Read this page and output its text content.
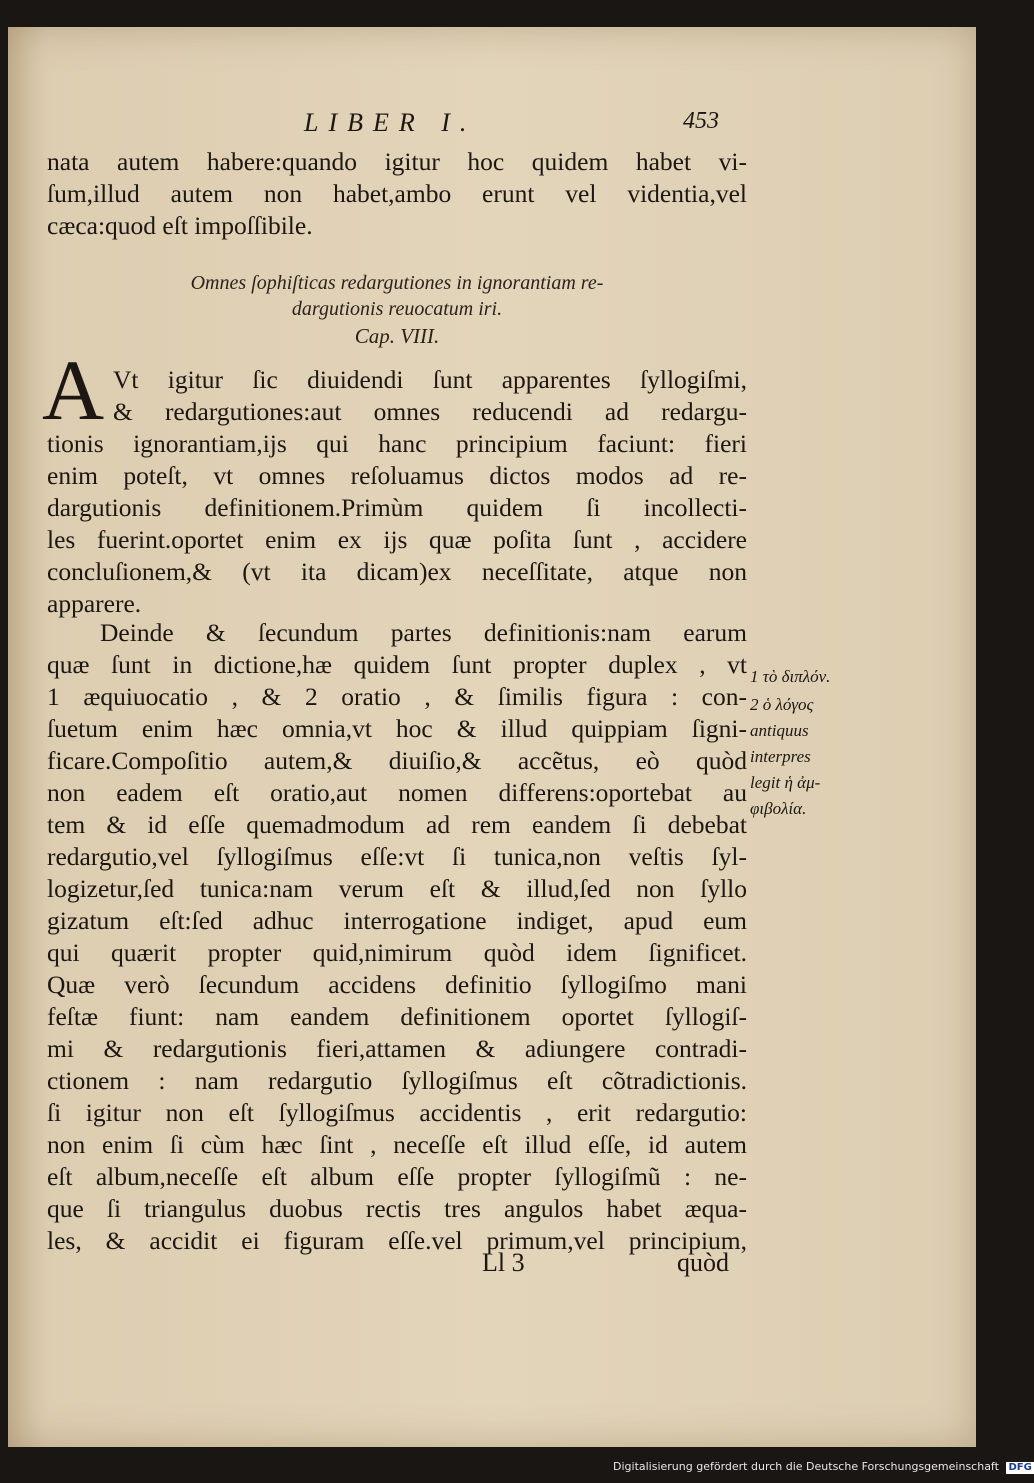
LIBER I.	453
nata autem habere:quando igitur hoc quidem habet vi-
ſum,illud autem non habet,ambo erunt vel videntia,vel
cæca:quod eſt impoſſibile.
Omnes ſophiſticas redargutiones in ignorantiam re-
dargutionis reuocatum iri.
Cap. VIII.
A Vt igitur ſic diuidendi ſunt apparentes ſyllogiſmi,
& redargutiones:aut omnes reducendi ad redargu-
tionis ignorantiam,ijs qui hanc principium faciunt: fieri
enim poteſt, vt omnes reſoluamus dictos modos ad re-
dargutionis definitionem.Primùm quidem ſi incollecti-
les fuerint.oportet enim ex ijs quæ poſita ſunt , accidere
concluſionem,& (vt ita dicam)ex neceſſitate, atque non
apparere.
Deinde & ſecundum partes definitionis:nam earum
quæ ſunt in dictione,hæ quidem ſunt propter duplex , vt
1 æquiuocatio , & 2 oratio , & ſimilis figura : con-
ſuetum enim hæc omnia,vt hoc & illud quippiam ſigni-
ficare.Compoſitio autem,& diuiſio,& accẽtus, eò quòd
non eadem eſt oratio,aut nomen differens:oportebat au
tem & id eſſe quemadmodum ad rem eandem ſi debebat
redargutio,vel ſyllogiſmus eſſe:vt ſi tunica,non veſtis ſyl-
logizetur,ſed tunica:nam verum eſt & illud,ſed non ſyllo
gizatum eſt:ſed adhuc interrogatione indiget, apud eum
qui quærit propter quid,nimirum quòd idem ſignificet.
Quæ verò ſecundum accidens definitio ſyllogiſmo mani
feſtæ fiunt: nam eandem definitionem oportet ſyllogiſ-
mi & redargutionis fieri,attamen & adiungere contradi-
ctionem : nam redargutio ſyllogiſmus eſt cõtradictionis.
ſi igitur non eſt ſyllogiſmus accidentis , erit redargutio:
non enim ſi cùm hæc ſint , neceſſe eſt illud eſſe, id autem
eſt album,neceſſe eſt album eſſe propter ſyllogiſmũ : ne-
que ſi triangulus duobus rectis tres angulos habet æqua-
les, & accidit ei figuram eſſe.vel primum,vel principium,
1 τὸ διπλόν.
2 ὁ λόγος
antiquus
interpres
legit ἡ ἀμ-
φιβολία.
Ll 3	quòd
Digitalisierung gefördert durch die Deutsche Forschungsgemeinschaft DFG
